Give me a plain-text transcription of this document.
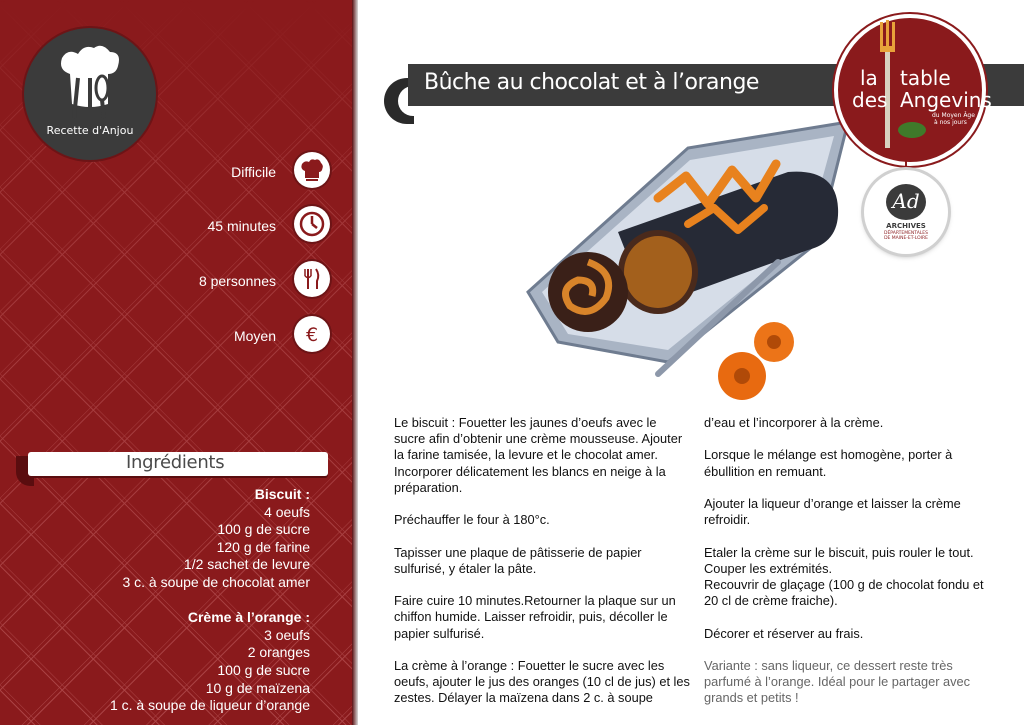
Recette d'Anjou
Difficile
45 minutes
8 personnes
Moyen €
Ingrédients
Biscuit :
4 oeufs
100 g de sucre
120 g de farine
1/2 sachet de levure
3 c. à soupe de chocolat amer
Crème à l’orange :
3 oeufs
2 oranges
100 g de sucre
10 g de maïzena
1 c. à soupe de liqueur d’orange
Bûche au chocolat et à l’orange	la table
des Angevins
du Moyen Âge
à nos jours
Ad
ARCHIVES
DÉPARTEMENTALES
DE MAINE-ET-LOIRE

Le biscuit : Fouetter les jaunes d’oeufs avec le sucre afin d’obtenir une crème mousseuse. Ajouter la farine tamisée, la levure et le chocolat amer. Incorporer délicatement les blancs en neige à la préparation.

Préchauffer le four à 180°c.

Tapisser une plaque de pâtisserie de papier sulfurisé, y étaler la pâte.

Faire cuire 10 minutes.Retourner la plaque sur un chiffon humide. Laisser refroidir, puis, décoller le papier sulfurisé.

La crème à l’orange : Fouetter le sucre avec les oeufs, ajouter le jus des oranges (10 cl de jus) et les zestes. Délayer la maïzena dans 2 c. à soupe

d’eau et l’incorporer à la crème.

Lorsque le mélange est homogène, porter à ébullition en remuant.

Ajouter la liqueur d’orange et laisser la crème refroidir.

Etaler la crème sur le biscuit, puis rouler le tout. Couper les extrémités.
Recouvrir de glaçage (100 g de chocolat fondu et 20 cl de crème fraiche).

Décorer et réserver au frais.

Variante : sans liqueur, ce dessert reste très parfumé à l’orange. Idéal pour le partager avec grands et petits !
